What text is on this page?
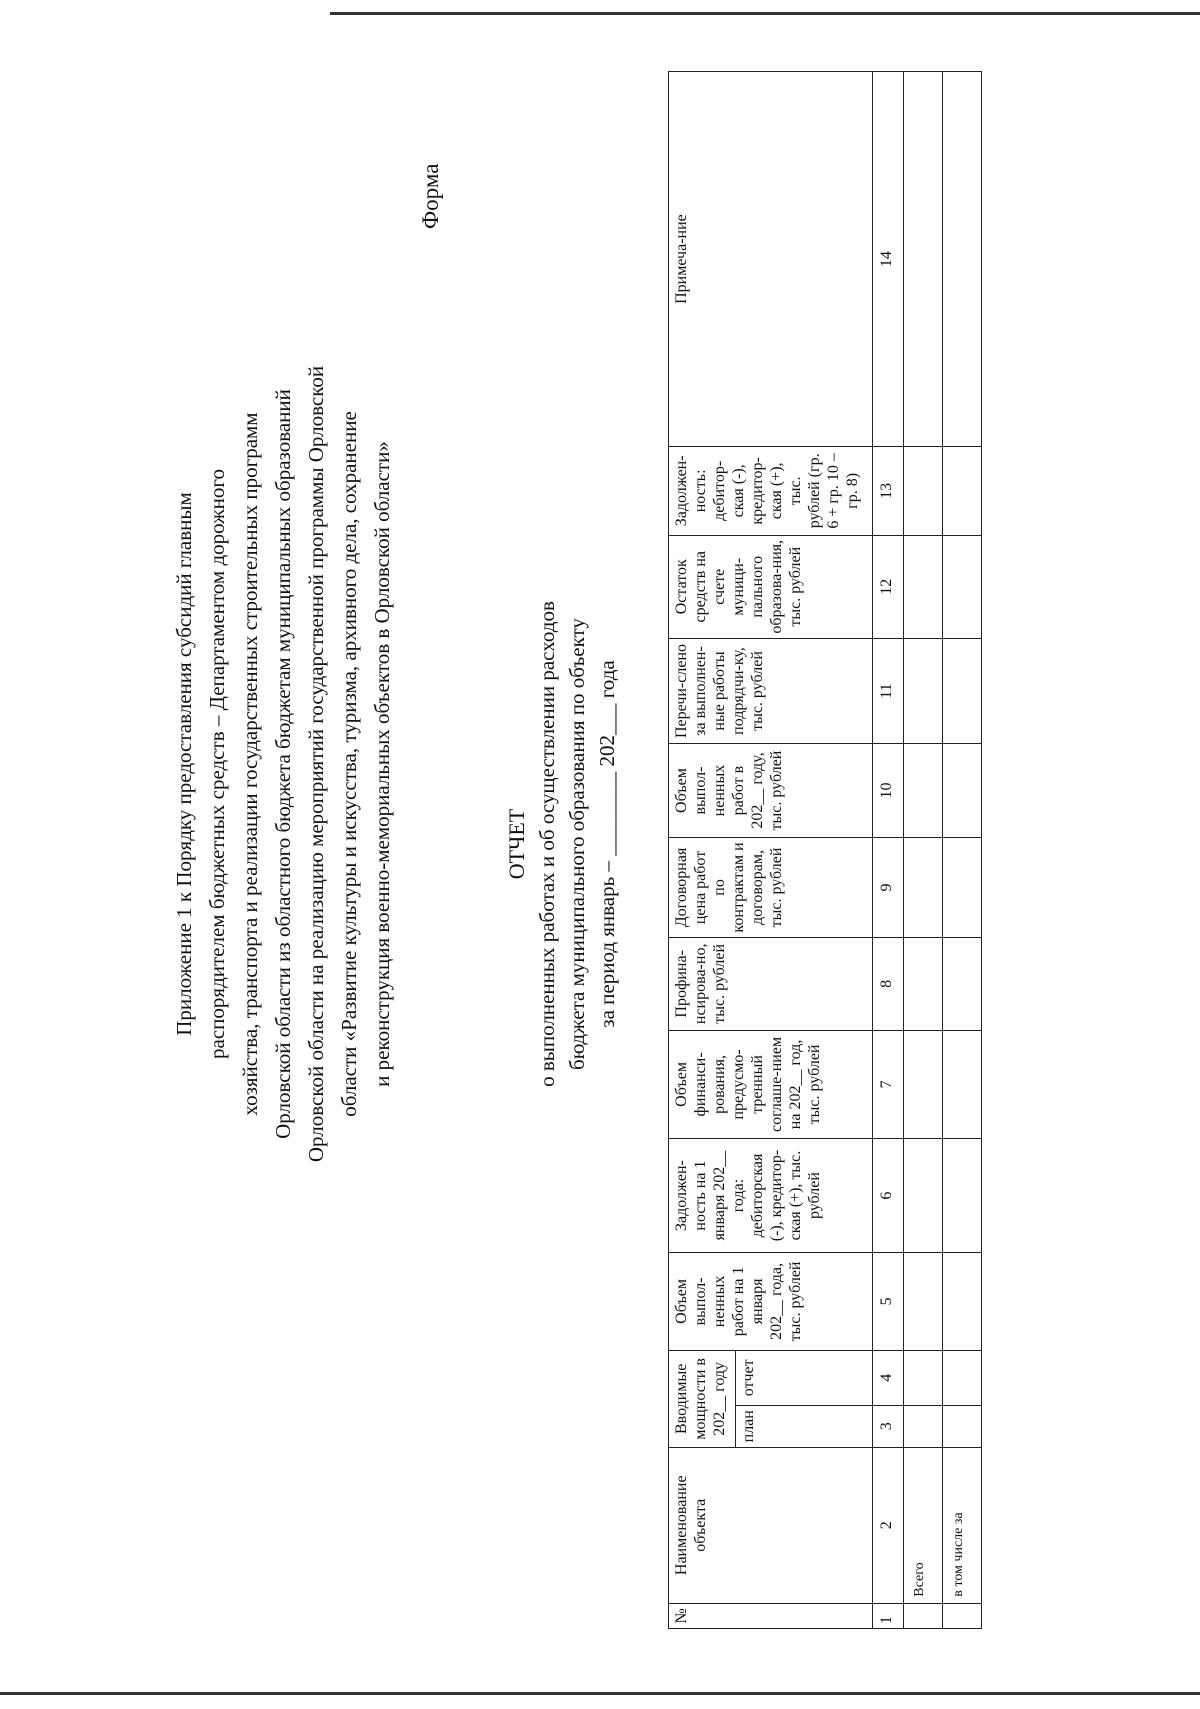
Приложение 1 к Порядку предоставления субсидий главным распорядителем бюджетных средств – Департаментом дорожного хозяйства, транспорта и реализации государственных строительных программ Орловской области из областного бюджета бюджетам муниципальных образований Орловской области на реализацию мероприятий государственной программы Орловской области «Развитие культуры и искусства, туризма, архивного дела, сохранение и реконструкция военно-мемориальных объектов в Орловской области»
Форма
ОТЧЕТ о выполненных работах и об осуществлении расходов бюджета муниципального образования по объекту за период январь – ________ 202___ года
№	Наименование объекта	Вводимые мощности в 202__ году		Объем выпол-ненных работ на 1 января 202__ года, тыс. рублей	Задолжен-ность на 1 января 202__ года: дебиторская (-), кредитор-ская (+), тыс. рублей	Объем финанси-рования, предусмо-тренный соглаше-нием на 202__ год, тыс. рублей	Профина-нсирова-но, тыс. рублей	Договорная цена работ по контрактам и договорам, тыс. рублей	Объем выпол-ненных работ в 202__ году, тыс. рублей	Перечи-слено за выполнен-ные работы подрядчи-ку, тыс. рублей	Остаток средств на счете муници-пального образова-ния, тыс. рублей	Задолжен-ность: дебитор-ская (-), кредитор-ская (+), тыс. рублей (гр. 6 + гр. 10 – гр. 8)	Примеча-ние
		план	отчет										
1	2	3	4	5	6	7	8	9	10	11	12	13	14
	Всего												
	в том числе за												
